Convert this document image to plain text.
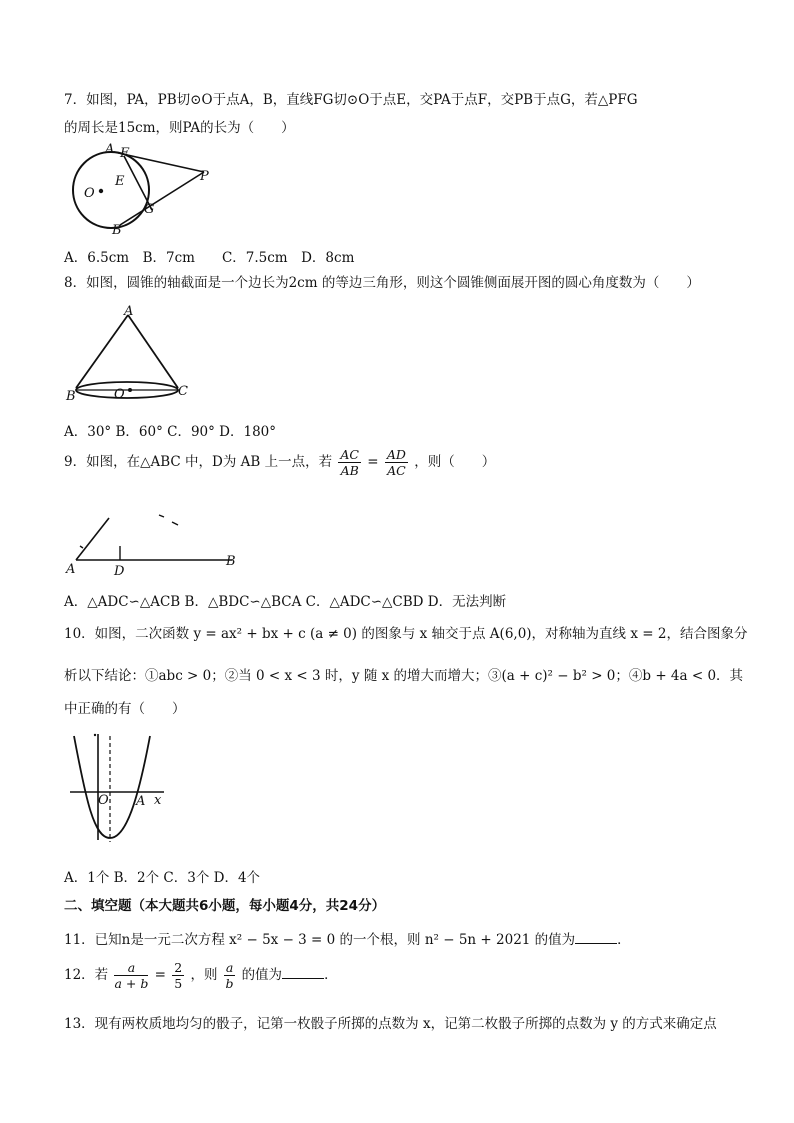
7．如图，PA，PB切⊙O于点A，B，直线FG切⊙O于点E，交PA于点F，交PB于点G，若△PFG
的周长是15cm，则PA的长为（　　）
A F
O
E	P
G
B
A．6.5cm　B．7cm　　C．7.5cm　D．8cm
8．如图，圆锥的轴截面是一个边长为2cm 的等边三角形，则这个圆锥侧面展开图的圆心角度数为（　　）
A
B	O	C
A．30° B．60° C．90° D．180°
9．如图，在△ABC 中，D为 AB 上一点，若 $\frac{AC}{AB} = \frac{AD}{AC}$ ，则（　　）
A	D
B
A．△ADC∽△ACB B．△BDC∽△BCA C．△ADC∽△CBD D．无法判断
10．如图，二次函数 y = ax² + bx + c (a ≠ 0) 的图象与 x 轴交于点 A(6,0)，对称轴为直线 x = 2，结合图象分
析以下结论：①abc > 0；②当 0 < x < 3 时，y 随 x 的增大而增大；③(a + c)² − b² > 0；④b + 4a < 0．其
中正确的有（　　）
O A x
A．1个 B．2个 C．3个 D．4个
二、填空题（本大题共6小题，每小题4分，共24分）
11．已知n是一元二次方程 x² − 5x − 3 = 0 的一个根，则 n² − 5n + 2021 的值为	．
12．若 $\frac{a}{a + b} = \frac{2}{5}$ ，则 $\frac{a}{b}$ 的值为	．
13．现有两枚质地均匀的骰子，记第一枚骰子所掷的点数为 x，记第二枚骰子所掷的点数为 y 的方式来确定点
